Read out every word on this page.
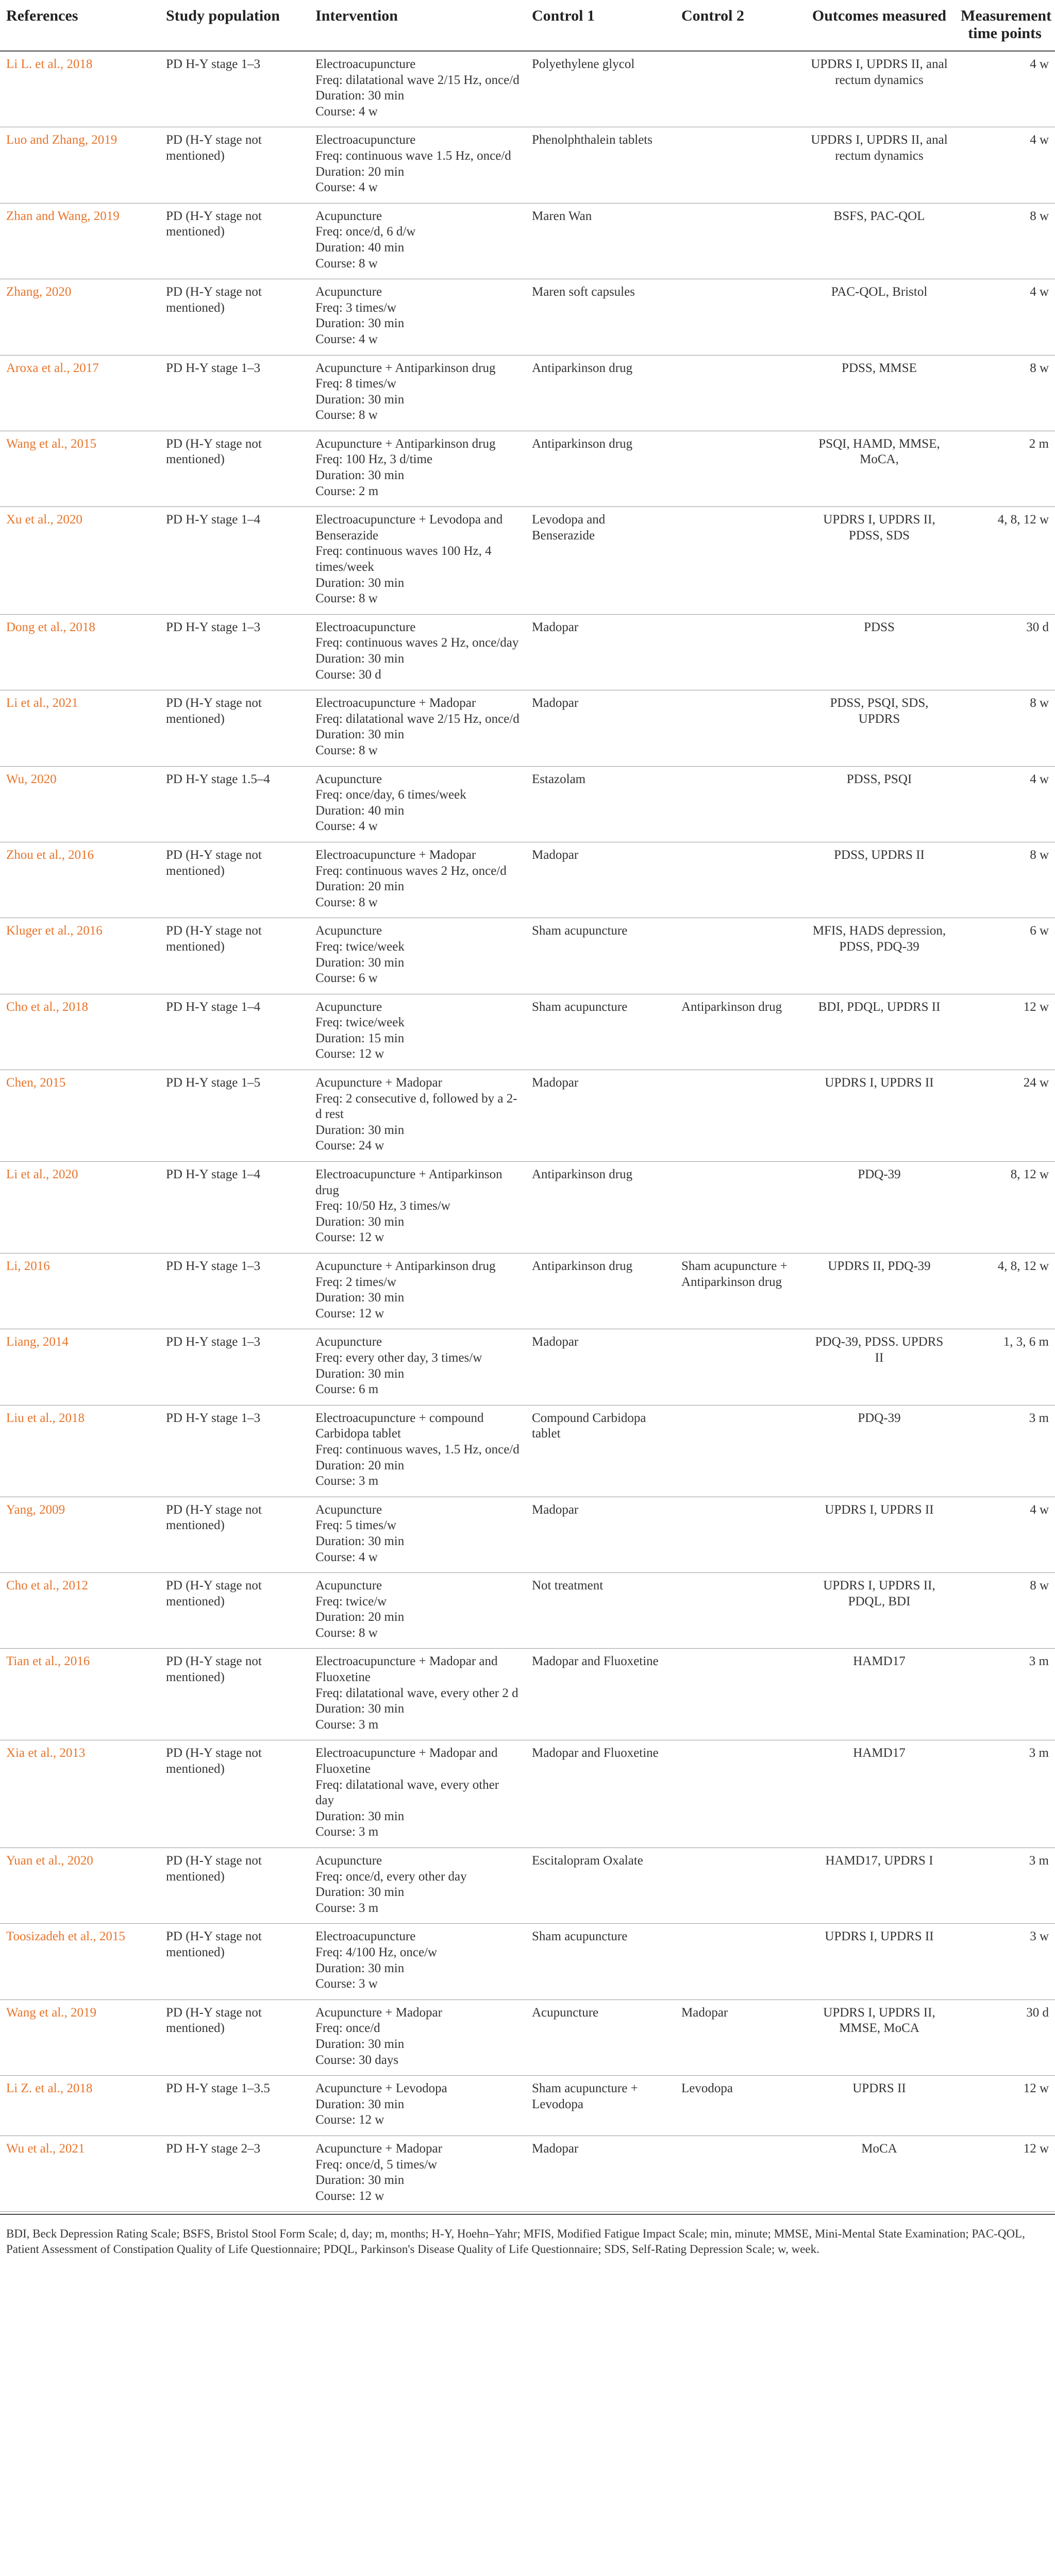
References	Study population	Intervention	Control 1	Control 2	Outcomes measured	Measurement time points
Li L. et al., 2018	PD H-Y stage 1–3	Electroacupuncture
Freq: dilatational wave 2/15 Hz, once/d
Duration: 30 min
Course: 4 w	Polyethylene glycol		UPDRS I, UPDRS II, anal rectum dynamics	4 w
Luo and Zhang, 2019	PD (H-Y stage not mentioned)	Electroacupuncture
Freq: continuous wave 1.5 Hz, once/d
Duration: 20 min
Course: 4 w	Phenolphthalein tablets		UPDRS I, UPDRS II, anal rectum dynamics	4 w
Zhan and Wang, 2019	PD (H-Y stage not mentioned)	Acupuncture
Freq: once/d, 6 d/w
Duration: 40 min
Course: 8 w	Maren Wan		BSFS, PAC-QOL	8 w
Zhang, 2020	PD (H-Y stage not mentioned)	Acupuncture
Freq: 3 times/w
Duration: 30 min
Course: 4 w	Maren soft capsules		PAC-QOL, Bristol	4 w
Aroxa et al., 2017	PD H-Y stage 1–3	Acupuncture + Antiparkinson drug
Freq: 8 times/w
Duration: 30 min
Course: 8 w	Antiparkinson drug		PDSS, MMSE	8 w
Wang et al., 2015	PD (H-Y stage not mentioned)	Acupuncture + Antiparkinson drug
Freq: 100 Hz, 3 d/time
Duration: 30 min
Course: 2 m	Antiparkinson drug		PSQI, HAMD, MMSE, MoCA,	2 m
Xu et al., 2020	PD H-Y stage 1–4	Electroacupuncture + Levodopa and Benserazide
Freq: continuous waves 100 Hz, 4 times/week
Duration: 30 min
Course: 8 w	Levodopa and Benserazide		UPDRS I, UPDRS II, PDSS, SDS	4, 8, 12 w
Dong et al., 2018	PD H-Y stage 1–3	Electroacupuncture
Freq: continuous waves 2 Hz, once/day
Duration: 30 min
Course: 30 d	Madopar		PDSS	30 d
Li et al., 2021	PD (H-Y stage not mentioned)	Electroacupuncture + Madopar
Freq: dilatational wave 2/15 Hz, once/d
Duration: 30 min
Course: 8 w	Madopar		PDSS, PSQI, SDS, UPDRS	8 w
Wu, 2020	PD H-Y stage 1.5–4	Acupuncture
Freq: once/day, 6 times/week
Duration: 40 min
Course: 4 w	Estazolam		PDSS, PSQI	4 w
Zhou et al., 2016	PD (H-Y stage not mentioned)	Electroacupuncture + Madopar
Freq: continuous waves 2 Hz, once/d
Duration: 20 min
Course: 8 w	Madopar		PDSS, UPDRS II	8 w
Kluger et al., 2016	PD (H-Y stage not mentioned)	Acupuncture
Freq: twice/week
Duration: 30 min
Course: 6 w	Sham acupuncture		MFIS, HADS depression, PDSS, PDQ-39	6 w
Cho et al., 2018	PD H-Y stage 1–4	Acupuncture
Freq: twice/week
Duration: 15 min
Course: 12 w	Sham acupuncture	Antiparkinson drug	BDI, PDQL, UPDRS II	12 w
Chen, 2015	PD H-Y stage 1–5	Acupuncture + Madopar
Freq: 2 consecutive d, followed by a 2-d rest
Duration: 30 min
Course: 24 w	Madopar		UPDRS I, UPDRS II	24 w
Li et al., 2020	PD H-Y stage 1–4	Electroacupuncture + Antiparkinson drug
Freq: 10/50 Hz, 3 times/w
Duration: 30 min
Course: 12 w	Antiparkinson drug		PDQ-39	8, 12 w
Li, 2016	PD H-Y stage 1–3	Acupuncture + Antiparkinson drug
Freq: 2 times/w
Duration: 30 min
Course: 12 w	Antiparkinson drug	Sham acupuncture + Antiparkinson drug	UPDRS II, PDQ-39	4, 8, 12 w
Liang, 2014	PD H-Y stage 1–3	Acupuncture
Freq: every other day, 3 times/w
Duration: 30 min
Course: 6 m	Madopar		PDQ-39, PDSS. UPDRS II	1, 3, 6 m
Liu et al., 2018	PD H-Y stage 1–3	Electroacupuncture + compound Carbidopa tablet
Freq: continuous waves, 1.5 Hz, once/d
Duration: 20 min
Course: 3 m	Compound Carbidopa tablet		PDQ-39	3 m
Yang, 2009	PD (H-Y stage not mentioned)	Acupuncture
Freq: 5 times/w
Duration: 30 min
Course: 4 w	Madopar		UPDRS I, UPDRS II	4 w
Cho et al., 2012	PD (H-Y stage not mentioned)	Acupuncture
Freq: twice/w
Duration: 20 min
Course: 8 w	Not treatment		UPDRS I, UPDRS II, PDQL, BDI	8 w
Tian et al., 2016	PD (H-Y stage not mentioned)	Electroacupuncture + Madopar and Fluoxetine
Freq: dilatational wave, every other 2 d
Duration: 30 min
Course: 3 m	Madopar and Fluoxetine		HAMD17	3 m
Xia et al., 2013	PD (H-Y stage not mentioned)	Electroacupuncture + Madopar and Fluoxetine
Freq: dilatational wave, every other day
Duration: 30 min
Course: 3 m	Madopar and Fluoxetine		HAMD17	3 m
Yuan et al., 2020	PD (H-Y stage not mentioned)	Acupuncture
Freq: once/d, every other day
Duration: 30 min
Course: 3 m	Escitalopram Oxalate		HAMD17, UPDRS I	3 m
Toosizadeh et al., 2015	PD (H-Y stage not mentioned)	Electroacupuncture
Freq: 4/100 Hz, once/w
Duration: 30 min
Course: 3 w	Sham acupuncture		UPDRS I, UPDRS II	3 w
Wang et al., 2019	PD (H-Y stage not mentioned)	Acupuncture + Madopar
Freq: once/d
Duration: 30 min
Course: 30 days	Acupuncture	Madopar	UPDRS I, UPDRS II, MMSE, MoCA	30 d
Li Z. et al., 2018	PD H-Y stage 1–3.5	Acupuncture + Levodopa
Duration: 30 min
Course: 12 w	Sham acupuncture + Levodopa	Levodopa	UPDRS II	12 w
Wu et al., 2021	PD H-Y stage 2–3	Acupuncture + Madopar
Freq: once/d, 5 times/w
Duration: 30 min
Course: 12 w	Madopar		MoCA	12 w
BDI, Beck Depression Rating Scale; BSFS, Bristol Stool Form Scale; d, day; m, months; H-Y, Hoehn–Yahr; MFIS, Modified Fatigue Impact Scale; min, minute; MMSE, Mini-Mental State Examination; PAC-QOL, Patient Assessment of Constipation Quality of Life Questionnaire; PDQL, Parkinson's Disease Quality of Life Questionnaire; SDS, Self-Rating Depression Scale; w, week.
